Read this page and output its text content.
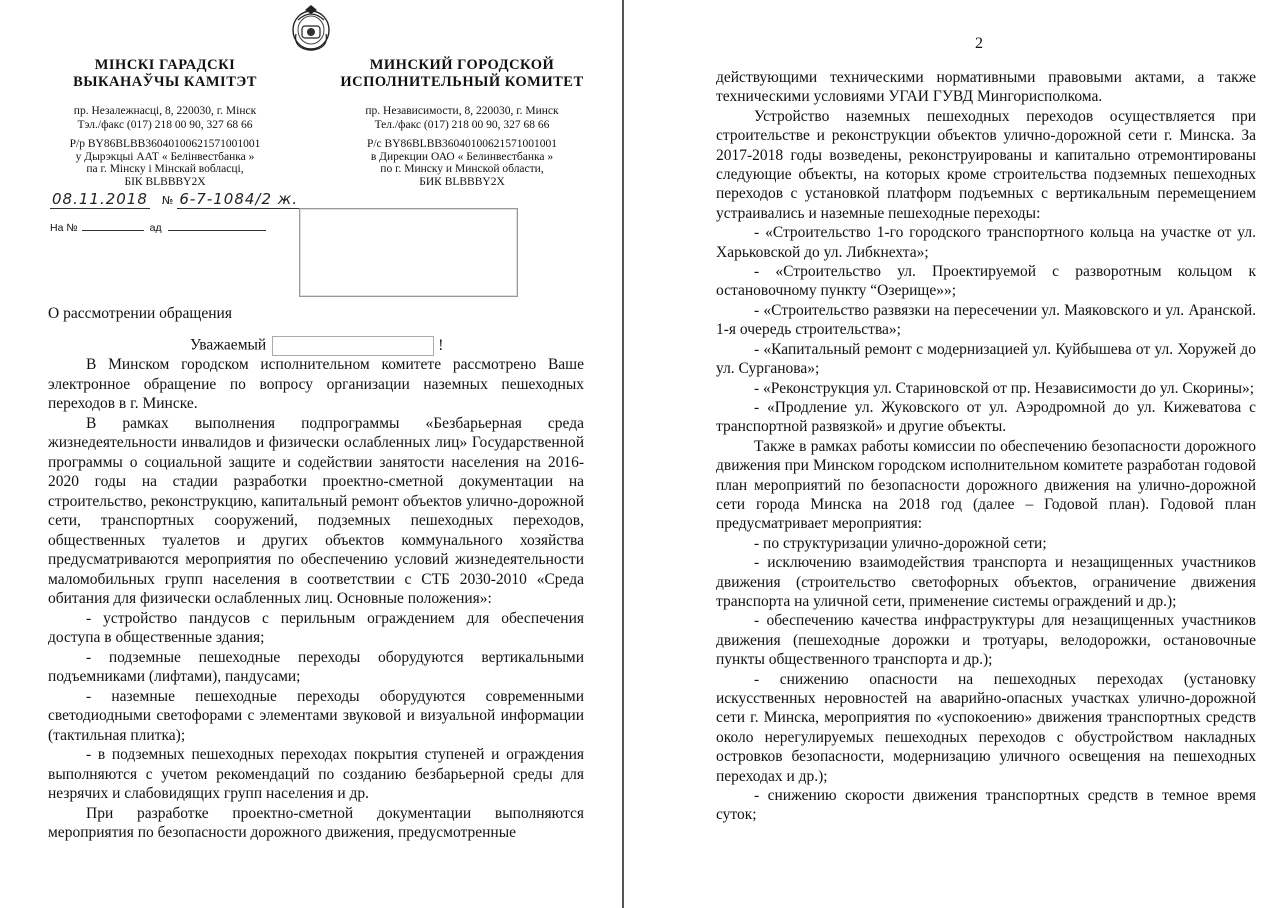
МІНСКІ ГАРАДСКІ
ВЫКАНАЎЧЫ КАМІТЭТ
пр. Незалежнасці, 8, 220030, г. Мінск
Тэл./факс (017) 218 00 90, 327 68 66
Р/р BY86BLBB36040100621571001001
у Дырэкцыі ААТ « Белінвестбанка »
па г. Мінску і Мінскай вобласці,
БІК BLBBBY2X
МИНСКИЙ ГОРОДСКОЙ
ИСПОЛНИТЕЛЬНЫЙ КОМИТЕТ
пр. Независимости, 8, 220030, г. Минск
Тел./факс (017) 218 00 90, 327 68 66
Р/с BY86BLBB36040100621571001001
в Дирекции ОАО « Белинвестбанка »
по г. Минску и Минской области,
БИК BLBBBY2X
08.11.2018 № 6-7-1084/2 ж.
На №	ад
О рассмотрении обращения
Уважаемый	!

В Минском городском исполнительном комитете рассмотрено Ваше электронное обращение по вопросу организации наземных пешеходных переходов в г. Минске.

В рамках выполнения подпрограммы «Безбарьерная среда жизнедеятельности инвалидов и физически ослабленных лиц» Государственной программы о социальной защите и содействии занятости населения на 2016-2020 годы на стадии разработки проектно-сметной документации на строительство, реконструкцию, капитальный ремонт объектов улично-дорожной сети, транспортных сооружений, подземных пешеходных переходов, общественных туалетов и других объектов коммунального хозяйства предусматриваются мероприятия по обеспечению условий жизнедеятельности маломобильных групп населения в соответствии с СТБ 2030-2010 «Среда обитания для физически ослабленных лиц. Основные положения»:

- устройство пандусов с перильным ограждением для обеспечения доступа в общественные здания;

- подземные пешеходные переходы оборудуются вертикальными подъемниками (лифтами), пандусами;

- наземные пешеходные переходы оборудуются современными светодиодными светофорами с элементами звуковой и визуальной информации (тактильная плитка);

- в подземных пешеходных переходах покрытия ступеней и ограждения выполняются с учетом рекомендаций по созданию безбарьерной среды для незрячих и слабовидящих групп населения и др.

При разработке проектно-сметной документации выполняются мероприятия по безопасности дорожного движения, предусмотренные

2

действующими техническими нормативными правовыми актами, а также техническими условиями УГАИ ГУВД Мингорисполкома.

Устройство наземных пешеходных переходов осуществляется при строительстве и реконструкции объектов улично-дорожной сети г. Минска. За 2017-2018 годы возведены, реконструированы и капитально отремонтированы следующие объекты, на которых кроме строительства подземных пешеходных переходов с установкой платформ подъемных с вертикальным перемещением устраивались и наземные пешеходные переходы:

- «Строительство 1-го городского транспортного кольца на участке от ул. Харьковской до ул. Либкнехта»;

- «Строительство ул. Проектируемой с разворотным кольцом к остановочному пункту “Озерище»»;

- «Строительство развязки на пересечении ул. Маяковского и ул. Аранской. 1-я очередь строительства»;

- «Капитальный ремонт с модернизацией ул. Куйбышева от ул. Хоружей до ул. Сурганова»;

- «Реконструкция ул. Стариновской от пр. Независимости до ул. Скорины»;

- «Продление ул. Жуковского от ул. Аэродромной до ул. Кижеватова с транспортной развязкой» и другие объекты.

Также в рамках работы комиссии по обеспечению безопасности дорожного движения при Минском городском исполнительном комитете разработан годовой план мероприятий по безопасности дорожного движения на улично-дорожной сети города Минска на 2018 год (далее – Годовой план). Годовой план предусматривает мероприятия:

- по структуризации улично-дорожной сети;

- исключению взаимодействия транспорта и незащищенных участников движения (строительство светофорных объектов, ограничение движения транспорта на уличной сети, применение системы ограждений и др.);

- обеспечению качества инфраструктуры для незащищенных участников движения (пешеходные дорожки и тротуары, велодорожки, остановочные пункты общественного транспорта и др.);

- снижению опасности на пешеходных переходах (установку искусственных неровностей на аварийно-опасных участках улично-дорожной сети г. Минска, мероприятия по «успокоению» движения транспортных средств около нерегулируемых пешеходных переходов с обустройством накладных островков безопасности, модернизацию уличного освещения на пешеходных переходах и др.);

- снижению скорости движения транспортных средств в темное время суток;
